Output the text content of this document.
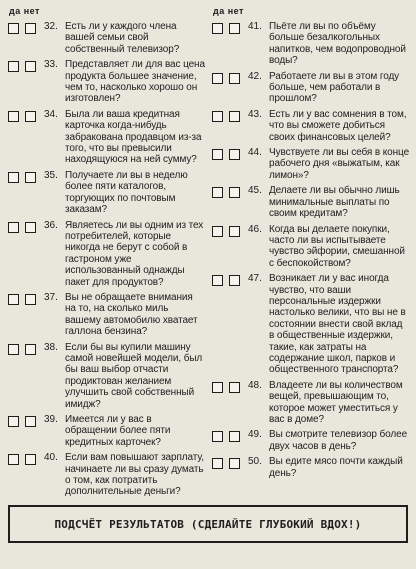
да нет
32. Есть ли у каждого члена вашей семьи свой собственный телевизор?
33. Представляет ли для вас цена продукта большее значение, чем то, насколько хорошо он изготовлен?
34. Была ли ваша кредитная карточка когда-нибудь забракована продавцом из-за того, что вы превысили находящуюся на ней сумму?
35. Получаете ли вы в неделю более пяти каталогов, торгующих по почтовым заказам?
36. Являетесь ли вы одним из тех потребителей, которые никогда не берут с собой в гастроном уже использованный однажды пакет для продуктов?
37. Вы не обращаете внимания на то, на сколько миль вашему автомобилю хватает галлона бензина?
38. Если бы вы купили машину самой новейшей модели, был бы ваш выбор отчасти продиктован желанием улучшить свой собственный имидж?
39. Имеется ли у вас в обращении более пяти кредитных карточек?
40. Если вам повышают зарплату, начинаете ли вы сразу думать о том, как потратить дополнительные деньги?
да нет
41. Пьёте ли вы по объёму больше безалкогольных напитков, чем водопроводной воды?
42. Работаете ли вы в этом году больше, чем работали в прошлом?
43. Есть ли у вас сомнения в том, что вы сможете добиться своих финансовых целей?
44. Чувствуете ли вы себя в конце рабочего дня «выжатым, как лимон»?
45. Делаете ли вы обычно лишь минимальные выплаты по своим кредитам?
46. Когда вы делаете покупки, часто ли вы испытываете чувство эйфории, смешанной с беспокойством?
47. Возникает ли у вас иногда чувство, что ваши персональные издержки настолько велики, что вы не в состоянии внести свой вклад в общественные издержки, такие, как затраты на содержание школ, парков и общественного транспорта?
48. Владеете ли вы количеством вещей, превышающим то, которое может уместиться у вас в доме?
49. Вы смотрите телевизор более двух часов в день?
50. Вы едите мясо почти каждый день?
ПОДСЧЁТ РЕЗУЛЬТАТОВ (СДЕЛАЙТЕ ГЛУБОКИЙ ВДОХ!)
